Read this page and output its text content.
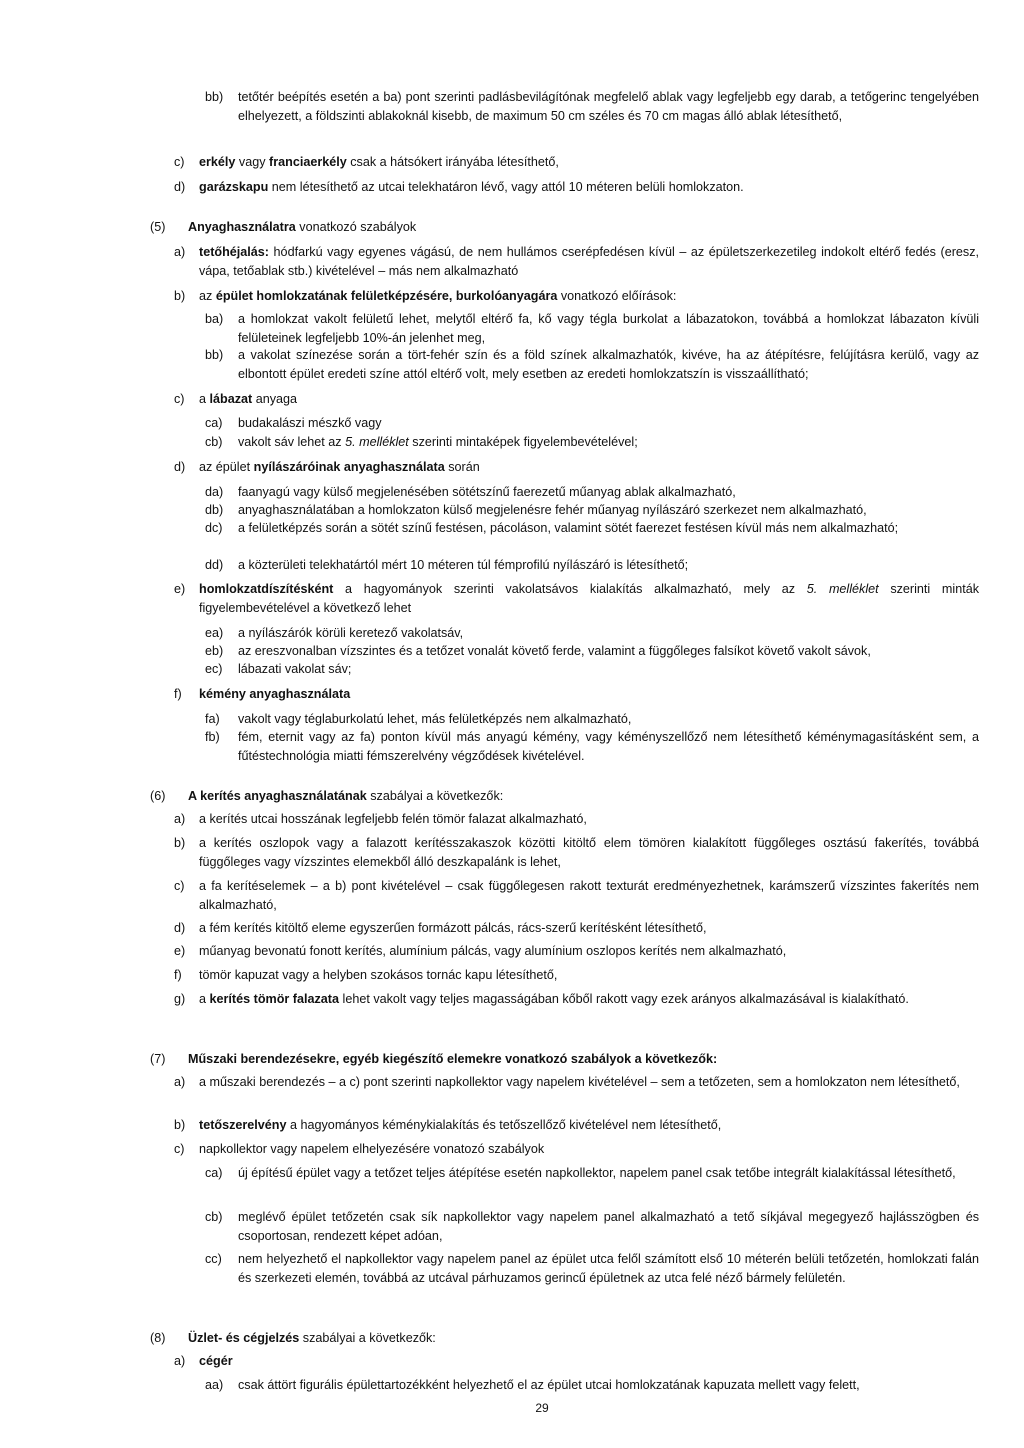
bb) tetőtér beépítés esetén a ba) pont szerinti padlásbevilágítónak megfelelő ablak vagy legfeljebb egy darab, a tetőgerinc tengelyében elhelyezett, a földszinti ablakoknál kisebb, de maximum 50 cm széles és 70 cm magas álló ablak létesíthető,
c) erkély vagy franciaerkély csak a hátsókert irányába létesíthető,
d) garázskapu nem létesíthető az utcai telekhatáron lévő, vagy attól 10 méteren belüli homlokzaton.
(5) Anyaghasználatra vonatkozó szabályok
a) tetőhéjalás: hódfarkú vagy egyenes vágású, de nem hullámos cserépfedésen kívül – az épületszerkezetileg indokolt eltérő fedés (eresz, vápa, tetőablak stb.) kivételével – más nem alkalmazható
b) az épület homlokzatának felületképzésére, burkolóanyagára vonatkozó előírások:
ba) a homlokzat vakolt felületű lehet, melytől eltérő fa, kő vagy tégla burkolat a lábazatokon, továbbá a homlokzat lábazaton kívüli felületeinek legfeljebb 10%-án jelenhet meg,
bb) a vakolat színezése során a tört-fehér szín és a föld színek alkalmazhatók, kivéve, ha az átépítésre, felújításra kerülő, vagy az elbontott épület eredeti színe attól eltérő volt, mely esetben az eredeti homlokzatszín is visszaállítható;
c) a lábazat anyaga
ca) budakalászi mészkő vagy
cb) vakolt sáv lehet az 5. melléklet szerinti mintaképek figyelembevételével;
d) az épület nyílászáróinak anyaghasználata során
da) faanyagú vagy külső megjelenésében sötétszínű faerezetű műanyag ablak alkalmazható,
db) anyaghasználatában a homlokzaton külső megjelenésre fehér műanyag nyílászáró szerkezet nem alkalmazható,
dc) a felületképzés során a sötét színű festésen, pácoláson, valamint sötét faerezet festésen kívül más nem alkalmazható;
dd) a közterületi telekhatártól mért 10 méteren túl fémprofilú nyílászáró is létesíthető;
e) homlokzatdíszítésként a hagyományok szerinti vakolatsávos kialakítás alkalmazható, mely az 5. melléklet szerinti minták figyelembevételével a következő lehet
ea) a nyílászárók körüli keretező vakolatsáv,
eb) az ereszvonalban vízszintes és a tetőzet vonalát követő ferde, valamint a függőleges falsíkot követő vakolt sávok,
ec) lábazati vakolat sáv;
f) kémény anyaghasználata
fa) vakolt vagy téglaburkolatú lehet, más felületképzés nem alkalmazható,
fb) fém, eternit vagy az fa) ponton kívül más anyagú kémény, vagy kéményszellőző nem létesíthető kéménymagasításként sem, a fűtéstechnológia miatti fémszerelvény végződések kivételével.
(6) A kerítés anyaghasználatának szabályai a következők:
a) a kerítés utcai hosszának legfeljebb felén tömör falazat alkalmazható,
b) a kerítés oszlopok vagy a falazott kerítésszakaszok közötti kitöltő elem tömören kialakított függőleges osztású fakerítés, továbbá függőleges vagy vízszintes elemekből álló deszkapalánk is lehet,
c) a fa kerítéselemek – a b) pont kivételével – csak függőlegesen rakott texturát eredményezhetnek, karámszerű vízszintes fakerítés nem alkalmazható,
d) a fém kerítés kitöltő eleme egyszerűen formázott pálcás, rács-szerű kerítésként létesíthető,
e) műanyag bevonatú fonott kerítés, alumínium pálcás, vagy alumínium oszlopos kerítés nem alkalmazható,
f) tömör kapuzat vagy a helyben szokásos tornác kapu létesíthető,
g) a kerítés tömör falazata lehet vakolt vagy teljes magasságában kőből rakott vagy ezek arányos alkalmazásával is kialakítható.
(7) Műszaki berendezésekre, egyéb kiegészítő elemekre vonatkozó szabályok a következők:
a) a műszaki berendezés – a c) pont szerinti napkollektor vagy napelem kivételével – sem a tetőzeten, sem a homlokzaton nem létesíthető,
b) tetőszerelvény a hagyományos kéménykialakítás és tetőszellőző kivételével nem létesíthető,
c) napkollektor vagy napelem elhelyezésére vonatozó szabályok
ca) új építésű épület vagy a tetőzet teljes átépítése esetén napkollektor, napelem panel csak tetőbe integrált kialakítással létesíthető,
cb) meglévő épület tetőzetén csak sík napkollektor vagy napelem panel alkalmazható a tető síkjával megegyező hajlásszögben és csoportosan, rendezett képet adóan,
cc) nem helyezhető el napkollektor vagy napelem panel az épület utca felől számított első 10 méterén belüli tetőzetén, homlokzati falán és szerkezeti elemén, továbbá az utcával párhuzamos gerincű épületnek az utca felé néző bármely felületén.
(8) Üzlet- és cégjelzés szabályai a következők:
a) cégér
aa) csak áttört figurális épülettartozékként helyezhető el az épület utcai homlokzatának kapuzata mellett vagy felett,
29
